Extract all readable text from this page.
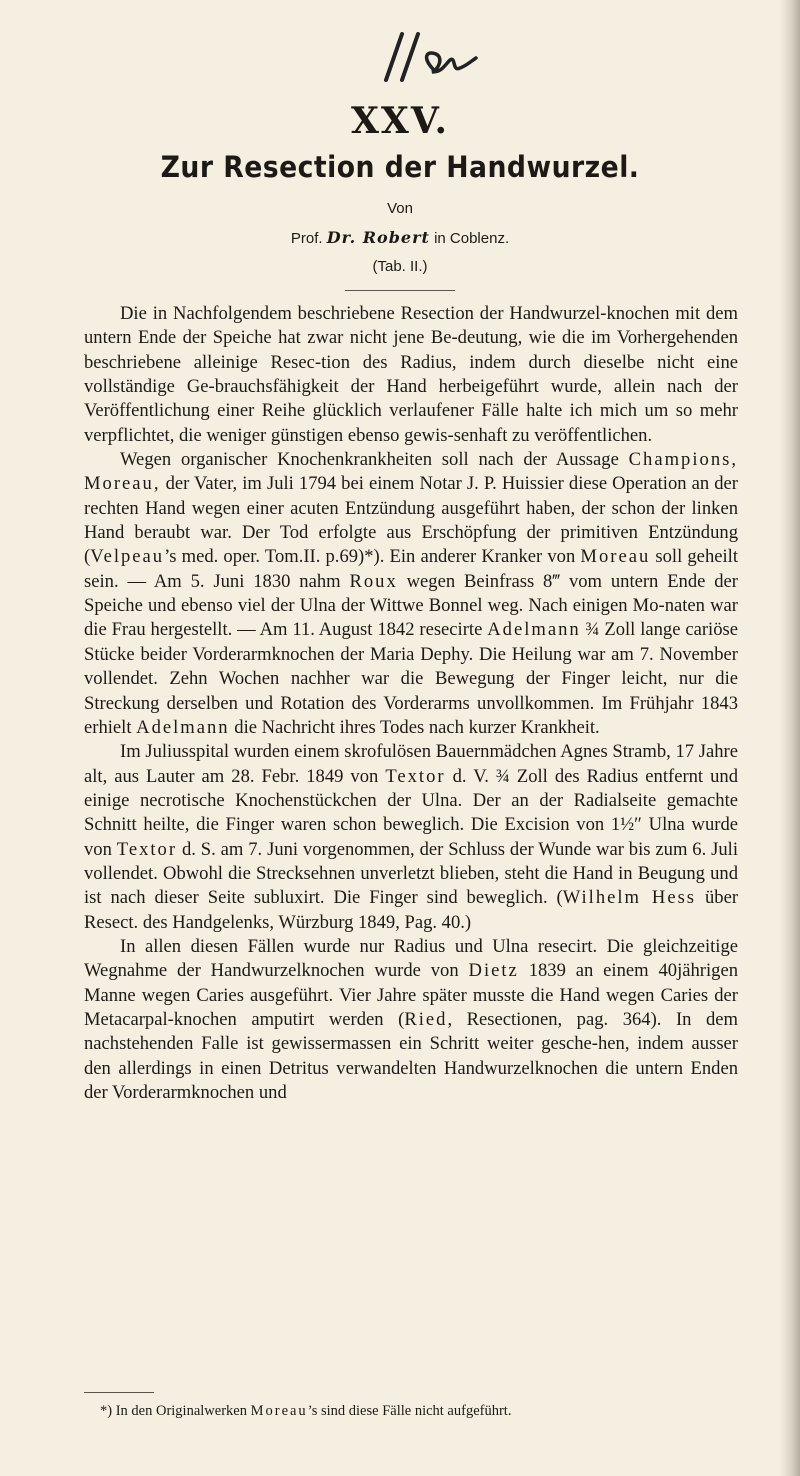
XXV.
Zur Resection der Handwurzel.
Von
Prof. Dr. Robert in Coblenz.
(Tab. II.)

Die in Nachfolgendem beschriebene Resection der Handwurzel-knochen mit dem untern Ende der Speiche hat zwar nicht jene Be-deutung, wie die im Vorhergehenden beschriebene alleinige Resec-tion des Radius, indem durch dieselbe nicht eine vollständige Ge-brauchsfähigkeit der Hand herbeigeführt wurde, allein nach der Veröffentlichung einer Reihe glücklich verlaufener Fälle halte ich mich um so mehr verpflichtet, die weniger günstigen ebenso gewis-senhaft zu veröffentlichen.

Wegen organischer Knochenkrankheiten soll nach der Aussage Champions, Moreau, der Vater, im Juli 1794 bei einem Notar J. P. Huissier diese Operation an der rechten Hand wegen einer acuten Entzündung ausgeführt haben, der schon der linken Hand beraubt war. Der Tod erfolgte aus Erschöpfung der primitiven Entzündung (Velpeau’s med. oper. Tom.II. p.69)*). Ein anderer Kranker von Moreau soll geheilt sein. — Am 5. Juni 1830 nahm Roux wegen Beinfrass 8‴ vom untern Ende der Speiche und ebenso viel der Ulna der Wittwe Bonnel weg. Nach einigen Mo-naten war die Frau hergestellt. — Am 11. August 1842 resecirte Adelmann ¾ Zoll lange cariöse Stücke beider Vorderarmknochen der Maria Dephy. Die Heilung war am 7. November vollendet. Zehn Wochen nachher war die Bewegung der Finger leicht, nur die Streckung derselben und Rotation des Vorderarms unvollkommen. Im Frühjahr 1843 erhielt Adelmann die Nachricht ihres Todes nach kurzer Krankheit.

Im Juliusspital wurden einem skrofulösen Bauernmädchen Agnes Stramb, 17 Jahre alt, aus Lauter am 28. Febr. 1849 von Textor d. V. ¾ Zoll des Radius entfernt und einige necrotische Knochenstückchen der Ulna. Der an der Radialseite gemachte Schnitt heilte, die Finger waren schon beweglich. Die Excision von 1½″ Ulna wurde von Textor d. S. am 7. Juni vorgenommen, der Schluss der Wunde war bis zum 6. Juli vollendet. Obwohl die Strecksehnen unverletzt blieben, steht die Hand in Beugung und ist nach dieser Seite subluxirt. Die Finger sind beweglich. (Wilhelm Hess über Resect. des Handgelenks, Würzburg 1849, Pag. 40.)

In allen diesen Fällen wurde nur Radius und Ulna resecirt. Die gleichzeitige Wegnahme der Handwurzelknochen wurde von Dietz 1839 an einem 40jährigen Manne wegen Caries ausgeführt. Vier Jahre später musste die Hand wegen Caries der Metacarpal-knochen amputirt werden (Ried, Resectionen, pag. 364). In dem nachstehenden Falle ist gewissermassen ein Schritt weiter gesche-hen, indem ausser den allerdings in einen Detritus verwandelten Handwurzelknochen die untern Enden der Vorderarmknochen und

*) In den Originalwerken Moreau’s sind diese Fälle nicht aufgeführt.
